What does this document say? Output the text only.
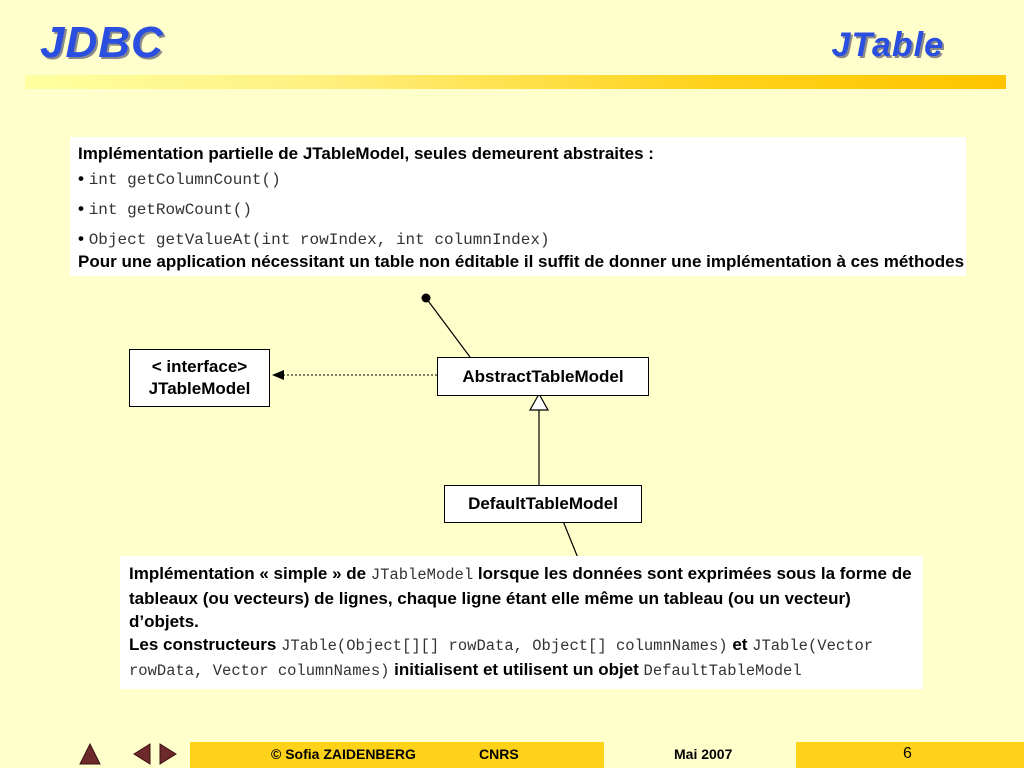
JDBC	JTable
Implémentation partielle de JTableModel, seules demeurent abstraites :
• int getColumnCount()
• int getRowCount()
• Object getValueAt(int rowIndex, int columnIndex)
Pour une application nécessitant un table non éditable il suffit de donner une implémentation à ces méthodes
< interface>
JTableModel
AbstractTableModel
DefaultTableModel
Implémentation « simple » de JTableModel lorsque les données sont exprimées sous la forme de tableaux (ou vecteurs) de lignes, chaque ligne étant elle même un tableau (ou un vecteur) d’objets.
Les constructeurs JTable(Object[][] rowData, Object[] columnNames) et JTable(Vector rowData, Vector columnNames) initialisent et utilisent un objet DefaultTableModel
© Sofia ZAIDENBERG	CNRS	Mai 2007	6
